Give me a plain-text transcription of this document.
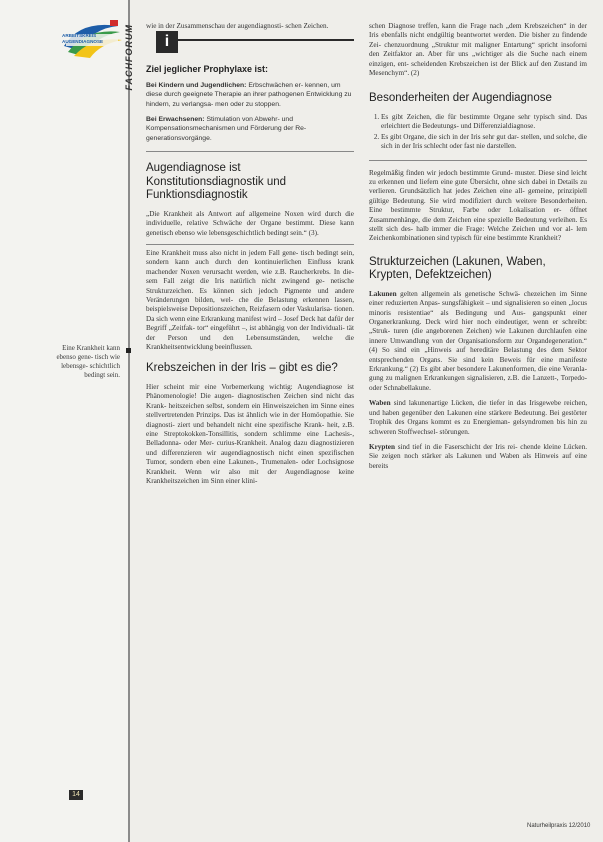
ARBEITSKREIS AUGENDIAGNOSE	FACHFORUM
Eine Krankheit kann ebenso gene- tisch wie lebensge- schichtlich bedingt sein.
14

wie in der Zusammenschau der augendiagnosti- schen Zeichen.

i
Ziel jeglicher Prophylaxe ist:

Bei Kindern und Jugendlichen: Erbschwächen er- kennen, um diese durch geeignete Therapie an ihrer pathogenen Entwicklung zu hindern, zu verlangsa- men oder zu stoppen.

Bei Erwachsenen: Stimulation von Abwehr- und Kompensationsmechanismen und Förderung der Re- generationsvorgänge.

Augendiagnose ist Konstitutionsdiagnostik und Funktionsdiagnostik

„Die Krankheit als Antwort auf allgemeine Noxen wird durch die individuelle, relative Schwäche der Organe bestimmt. Diese kann genetisch ebenso wie lebensgeschichtlich bedingt sein.“ (3).

Eine Krankheit muss also nicht in jedem Fall gene- tisch bedingt sein, sondern kann auch durch den kontinuierlichen Einfluss krank machender Noxen verursacht werden, wie z.B. Raucherkrebs. In die- sem Fall zeigt die Iris natürlich nicht zwingend ge- netische Strukturzeichen. Es können sich jedoch Pigmente und andere Veränderungen bilden, wel- che die Belastung erkennen lassen, beispielsweise Depositionszeichen, Reizfasern oder Vaskularisa- tionen. Da sich wenn eine Erkrankung manifest wird – Josef Deck hat dafür der Begriff „Zeitfak- tor“ eingeführt –, ist abhängig von der Individuali- tät der Person und den Lebensumständen, welche die Krankheitsentwicklung beeinflussen.

Krebszeichen in der Iris – gibt es die?

Hier scheint mir eine Vorbemerkung wichtig: Augendiagnose ist Phänomenologie! Die augen- diagnostischen Zeichen sind nicht das Krank- heitszeichen selbst, sondern ein Hinweiszeichen im Sinne eines stellvertretenden Prinzips. Das ist ähnlich wie in der Homöopathie. Sie diagnosti- ziert und behandelt nicht eine spezifische Krank- heit, z.B. eine Streptokokken-Tonsillitis, sondern schlimme eine Lachesis-, Belladonna- oder Mer- curius-Krankheit. Analog dazu diagnostizieren und differenzieren wir augendiagnostisch nicht einen spezifischen Tumor, sondern eben eine Lakunen-, Trumenalen- oder Lochsignose Krankheit. Wenn wir also mit der Augendiagnose keine Krankheitszeichen im Sinn einer klini-

schen Diagnose treffen, kann die Frage nach „dem Krebszeichen“ in der Iris ebenfalls nicht endgültig beantwortet werden. Die bisher zu findende Zei- chenzuordnung „Struktur mit maligner Entartung“ spricht insoforni den Zeitfaktor an. Aber für uns „wichtiger als die Suche nach einem einzigen, ent- scheidenden Krebszeichen ist der Blick auf den Zustand im Mesenchym“. (2)

Besonderheiten der Augendiagnose
1. Es gibt Zeichen, die für bestimmte Organe sehr typisch sind. Das erleichtert die Bedeutungs- und Differenzialdiagnose.
2. Es gibt Organe, die sich in der Iris sehr gut dar- stellen, und solche, die sich in der Iris schlecht oder fast nie darstellen.

Regelmäßig finden wir jedoch bestimmte Grund- muster. Diese sind leicht zu erkennen und liefern eine gute Übersicht, ohne sich dabei in Details zu verlieren. Grundsätzlich hat jedes Zeichen eine all- gemeine, prinzipiell gültige Bedeutung. Sie wird modifiziert durch weitere Besonderheiten. Eine bestimmte Struktur, Farbe oder Lokalisation er- öffnet Zusammenhänge, die dem Zeichen eine spezielle Bedeutung verleihen. Es stellt sich des- halb immer die Frage: Welche Zeichen und vor al- lem Zeichenkombinationen sind typisch für eine bestimmte Krankheit?

Strukturzeichen (Lakunen, Waben, Krypten, Defektzeichen)

Lakunen gelten allgemein als genetische Schwä- chezeichen im Sinne einer reduzierten Anpas- sungsfähigkeit – und signalisieren so einen „locus minoris resistentiae“ als Bedingung und Aus- gangspunkt einer Organerkrankung. Deck wird hier noch eindeutiger, wenn er schreibt: „Struk- turen (die angeborenen Zeichen) wie Lakunen durchlaufen eine innere Umwandlung von der Organisationsform zur Organdegeneration.“ (4) So sind ein „Hinweis auf hereditäre Belastung des dem Sektor entsprechenden Organs. Sie sind kein Beweis für eine manifeste Erkrankung.“ (2) Es gibt aber besondere Lakunenformen, die eine Veranla- gung zu malignen Erkrankungen signalisieren, z.B. die Lanzett-, Torpedo- oder Schnabellakune.

Waben sind lakunenartige Lücken, die tiefer in das Irisgewebe reichen, und haben gegenüber den Lakunen eine stärkere Bedeutung. Bei gestörter Trophik des Organs kommt es zu Energieman- gelsyndromen bis hin zu schweren Stoffwechsel- störungen.

Krypten sind tief in die Faserschicht der Iris rei- chende kleine Lücken. Sie zeigen noch stärker als Lakunen und Waben als Hinweis auf eine bereits

Naturheilpraxis 12/2010
